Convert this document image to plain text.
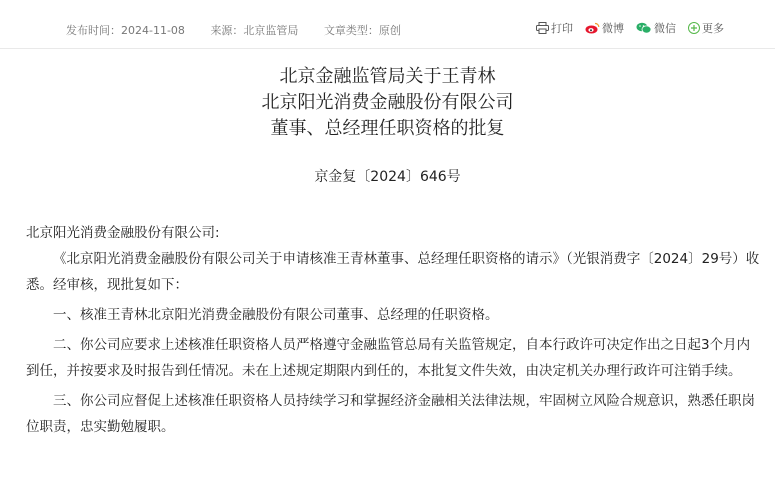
发布时间：2024-11-08 来源：北京监管局 文章类型：原创	打印	微博	微信 更多
北京金融监管局关于王青林
北京阳光消费金融股份有限公司
董事、总经理任职资格的批复
京金复〔2024〕646号

北京阳光消费金融股份有限公司:

《北京阳光消费金融股份有限公司关于申请核准王青林董事、总经理任职资格的请示》（光银消费字〔2024〕29号）收悉。经审核，现批复如下：

一、核准王青林北京阳光消费金融股份有限公司董事、总经理的任职资格。

二、你公司应要求上述核准任职资格人员严格遵守金融监管总局有关监管规定，自本行政许可决定作出之日起3个月内到任，并按要求及时报告到任情况。未在上述规定期限内到任的，本批复文件失效，由决定机关办理行政许可注销手续。

三、你公司应督促上述核准任职资格人员持续学习和掌握经济金融相关法律法规，牢固树立风险合规意识，熟悉任职岗位职责，忠实勤勉履职。
